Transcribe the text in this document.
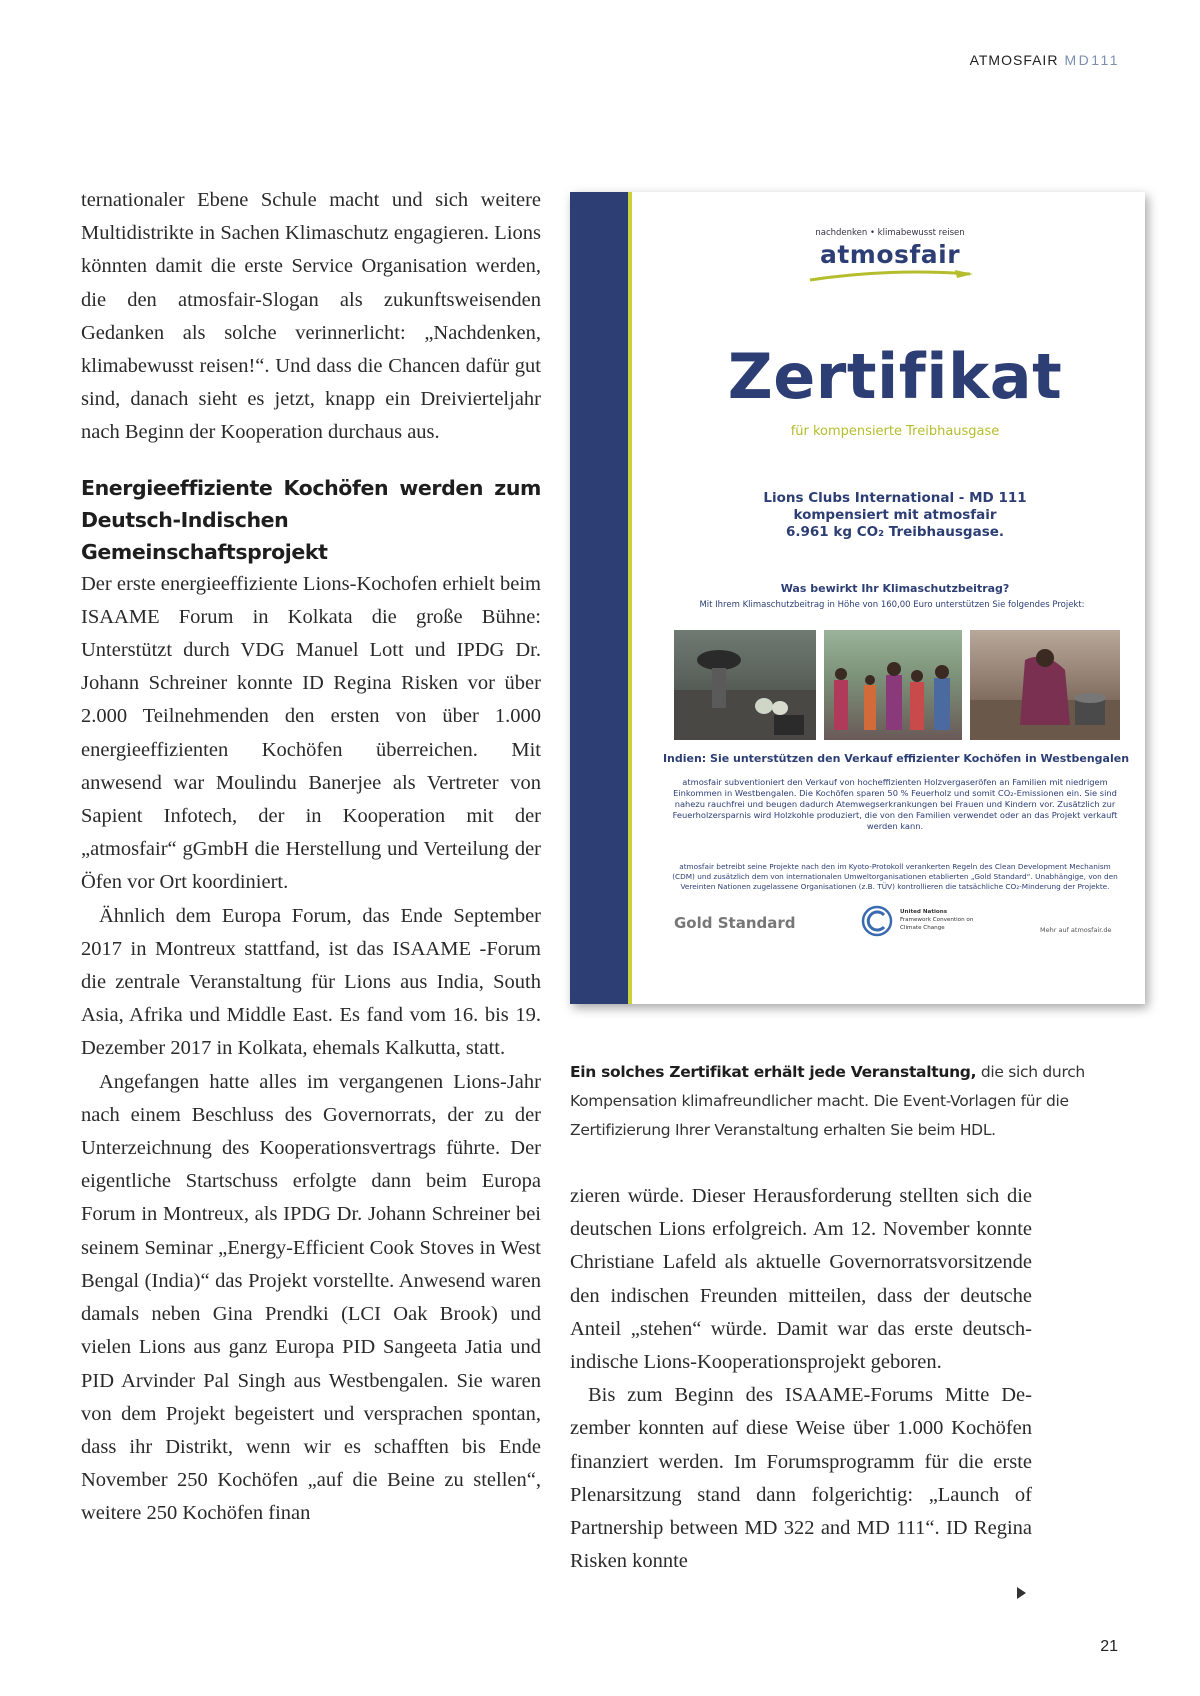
ATMOSFAIR MD111

ternationaler Ebene Schule macht und sich weitere Multidistrikte in Sachen Klimaschutz engagieren. Lions könnten damit die erste Service Organisation werden, die den atmosfair-Slogan als zukunftsweisenden Gedanken als solche verinnerlicht: „Nachdenken, klimabewusst reisen!“. Und dass die Chancen dafür gut sind, danach sieht es jetzt, knapp ein Dreivierteljahr nach Beginn der Kooperation durchaus aus.

Energieeffiziente Kochöfen werden zum Deutsch-Indischen Gemeinschaftsprojekt

Der erste energieeffiziente Lions-Kochofen erhielt beim ISAAME Forum in Kolkata die große Bühne: Unterstützt durch VDG Manuel Lott und IPDG Dr. Johann Schreiner konnte ID Regina Risken vor über 2.000 Teilnehmenden den ersten von über 1.000 energieeffizienten Kochöfen überreichen. Mit anwesend war Moulindu Banerjee als Vertreter von Sapient Infotech, der in Kooperation mit der „atmosfair“ gGmbH die Herstellung und Verteilung der Öfen vor Ort koordiniert.

Ähnlich dem Europa Forum, das Ende September 2017 in Montreux stattfand, ist das ISAAME -Forum die zentrale Veranstaltung für Lions aus India, South Asia, Afrika und Middle East. Es fand vom 16. bis 19. Dezember 2017 in Kolkata, ehemals Kalkutta, statt.

Angefangen hatte alles im vergangenen Lions-Jahr nach einem Beschluss des Governorrats, der zu der Unterzeichnung des Kooperationsvertrags führte. Der eigentliche Startschuss erfolgte dann beim Europa Forum in Montreux, als IPDG Dr. Johann Schreiner bei seinem Seminar „Energy-Efficient Cook Stoves in West Bengal (India)“ das Projekt vorstellte. Anwesend waren damals neben Gina Prendki (LCI Oak Brook) und vielen Lions aus ganz Europa PID Sangeeta Jatia und PID Arvinder Pal Singh aus Westbengalen. Sie waren von dem Projekt begeistert und versprachen spontan, dass ihr Distrikt, wenn wir es schafften bis Ende November 250 Kochöfen „auf die Beine zu stellen“, weitere 250 Kochöfen finan

nachdenken • klimabewusst reisen
atmosfair
Zertifikat
für kompensierte Treibhausgase
Lions Clubs International - MD 111
kompensiert mit atmosfair
6.961 kg CO₂ Treibhausgase.
Was bewirkt Ihr Klimaschutzbeitrag?
Mit Ihrem Klimaschutzbeitrag in Höhe von 160,00 Euro unterstützen Sie folgendes Projekt:
Indien: Sie unterstützen den Verkauf effizienter Kochöfen in Westbengalen
atmosfair subventioniert den Verkauf von hocheffizienten Holzvergaseröfen an Familien mit niedrigem Einkommen in Westbengalen. Die Kochöfen sparen 50 % Feuerholz und somit CO₂-Emissionen ein. Sie sind nahezu rauchfrei und beugen dadurch Atemwegserkrankungen bei Frauen und Kindern vor. Zusätzlich zur Feuerholzersparnis wird Holzkohle produziert, die von den Familien verwendet oder an das Projekt verkauft werden kann.
atmosfair betreibt seine Projekte nach den im Kyoto-Protokoll verankerten Regeln des Clean Development Mechanism (CDM) und zusätzlich dem von internationalen Umweltorganisationen etablierten „Gold Standard“. Unabhängige, von den Vereinten Nationen zugelassene Organisationen (z.B. TÜV) kontrollieren die tatsächliche CO₂-Minderung der Projekte.
Gold Standard
United Nations
Framework Convention on
Climate Change	Mehr auf atmosfair.de
Ein solches Zertifikat erhält jede Veranstaltung, die sich durch Kompensation klimafreundlicher macht. Die Event-Vorlagen für die Zertifizierung Ihrer Veranstaltung erhalten Sie beim HDL.

zieren würde. Dieser Herausforderung stellten sich die deutschen Lions erfolgreich. Am 12. November konnte Christiane Lafeld als aktuelle Governorratsvorsitzende den indischen Freunden mitteilen, dass der deutsche Anteil „stehen“ würde. Damit war das erste deutsch-indische Lions-Kooperationsprojekt geboren.

Bis zum Beginn des ISAAME-Forums Mitte Dezember konnten auf diese Weise über 1.000 Kochöfen finanziert werden. Im Forumsprogramm für die erste Plenarsitzung stand dann folgerichtig: „Launch of Partnership between MD 322 and MD 111“. ID Regina Risken konnte

21
